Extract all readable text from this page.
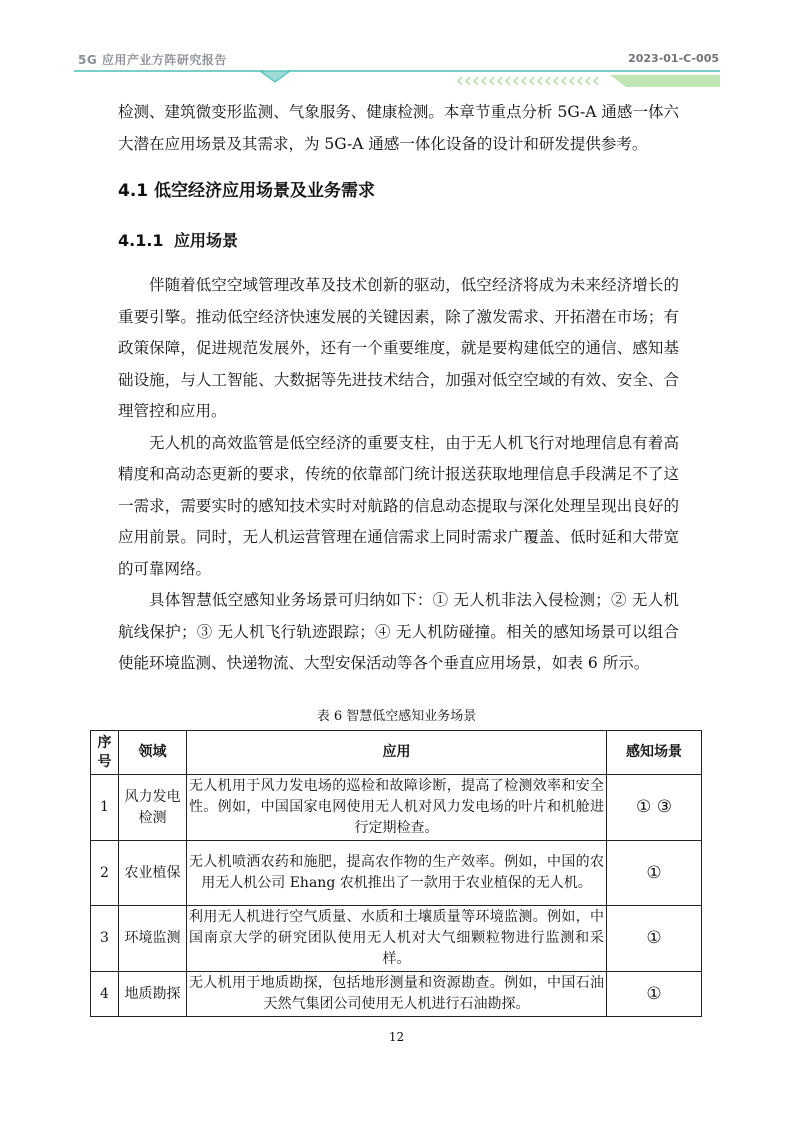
5G 应用产业方阵研究报告	2023-01-C-005

检测、建筑微变形监测、气象服务、健康检测。本章节重点分析 5G-A 通感一体六大潜在应用场景及其需求，为 5G-A 通感一体化设备的设计和研发提供参考。

4.1 低空经济应用场景及业务需求
4.1.1 应用场景

伴随着低空空域管理改革及技术创新的驱动，低空经济将成为未来经济增长的重要引擎。推动低空经济快速发展的关键因素，除了激发需求、开拓潜在市场；有政策保障，促进规范发展外，还有一个重要维度，就是要构建低空的通信、感知基础设施，与人工智能、大数据等先进技术结合，加强对低空空域的有效、安全、合理管控和应用。

无人机的高效监管是低空经济的重要支柱，由于无人机飞行对地理信息有着高精度和高动态更新的要求，传统的依靠部门统计报送获取地理信息手段满足不了这一需求，需要实时的感知技术实时对航路的信息动态提取与深化处理呈现出良好的应用前景。同时，无人机运营管理在通信需求上同时需求广覆盖、低时延和大带宽的可靠网络。

具体智慧低空感知业务场景可归纳如下：① 无人机非法入侵检测；② 无人机航线保护；③ 无人机飞行轨迹跟踪；④ 无人机防碰撞。相关的感知场景可以组合使能环境监测、快递物流、大型安保活动等各个垂直应用场景，如表 6 所示。

表 6 智慧低空感知业务场景
序号	领域	应用	感知场景
1	风力发电检测	无人机用于风力发电场的巡检和故障诊断，提高了检测效率和安全性。例如，中国国家电网使用无人机对风力发电场的叶片和机舱进行定期检查。	① ③
2	农业植保	无人机喷洒农药和施肥，提高农作物的生产效率。例如，中国的农用无人机公司 Ehang 农机推出了一款用于农业植保的无人机。	①
3	环境监测	利用无人机进行空气质量、水质和土壤质量等环境监测。例如，中国南京大学的研究团队使用无人机对大气细颗粒物进行监测和采样。	①
4	地质勘探	无人机用于地质勘探，包括地形测量和资源勘查。例如，中国石油天然气集团公司使用无人机进行石油勘探。	①
12
